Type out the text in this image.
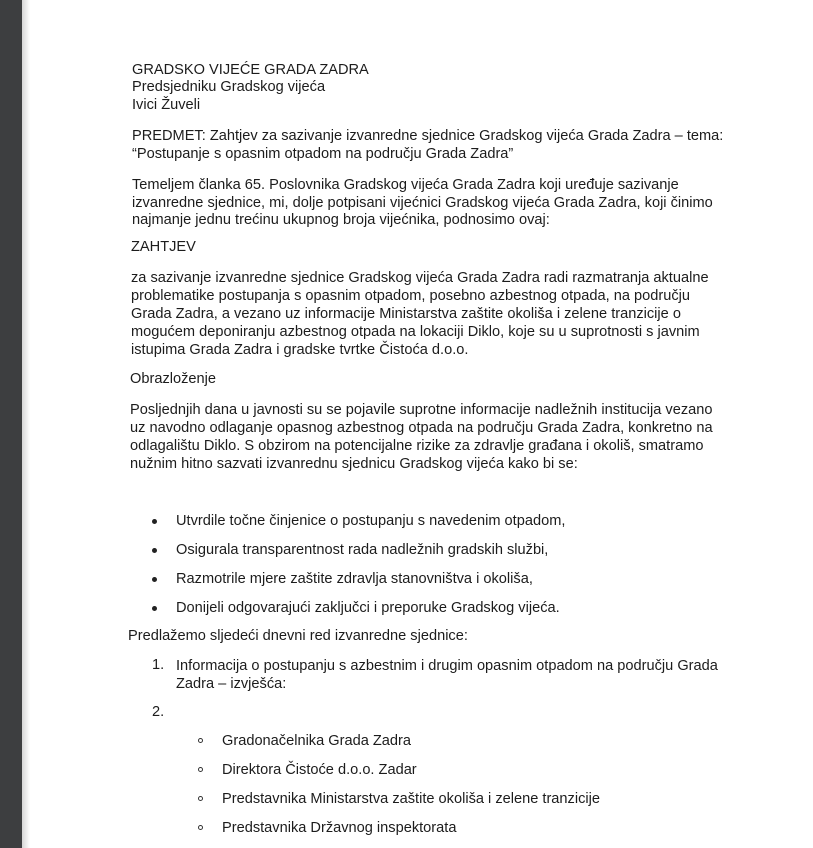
GRADSKO VIJEĆE GRADA ZADRA

Predsjedniku Gradskog vijeća

Ivici Žuveli

PREDMET: Zahtjev za sazivanje izvanredne sjednice Gradskog vijeća Grada Zadra – tema:

“Postupanje s opasnim otpadom na području Grada Zadra”

Temeljem članka 65. Poslovnika Gradskog vijeća Grada Zadra koji uređuje sazivanje

izvanredne sjednice, mi, dolje potpisani vijećnici Gradskog vijeća Grada Zadra, koji činimo

najmanje jednu trećinu ukupnog broja vijećnika, podnosimo ovaj:

ZAHTJEV

za sazivanje izvanredne sjednice Gradskog vijeća Grada Zadra radi razmatranja aktualne

problematike postupanja s opasnim otpadom, posebno azbestnog otpada, na području

Grada Zadra, a vezano uz informacije Ministarstva zaštite okoliša i zelene tranzicije o

mogućem deponiranju azbestnog otpada na lokaciji Diklo, koje su u suprotnosti s javnim

istupima Grada Zadra i gradske tvrtke Čistoća d.o.o.

Obrazloženje

Posljednjih dana u javnosti su se pojavile suprotne informacije nadležnih institucija vezano

uz navodno odlaganje opasnog azbestnog otpada na području Grada Zadra, konkretno na

odlagalištu Diklo. S obzirom na potencijalne rizike za zdravlje građana i okoliš, smatramo

nužnim hitno sazvati izvanrednu sjednicu Gradskog vijeća kako bi se:

Utvrdile točne činjenice o postupanju s navedenim otpadom,

Osigurala transparentnost rada nadležnih gradskih službi,

Razmotrile mjere zaštite zdravlja stanovništva i okoliša,

Donijeli odgovarajući zaključci i preporuke Gradskog vijeća.

Predlažemo sljedeći dnevni red izvanredne sjednice:

1. Informacija o postupanju s azbestnim i drugim opasnim otpadom na području Grada

Zadra – izvješća:

2.

Gradonačelnika Grada Zadra

Direktora Čistoće d.o.o. Zadar

Predstavnika Ministarstva zaštite okoliša i zelene tranzicije

Predstavnika Državnog inspektorata
